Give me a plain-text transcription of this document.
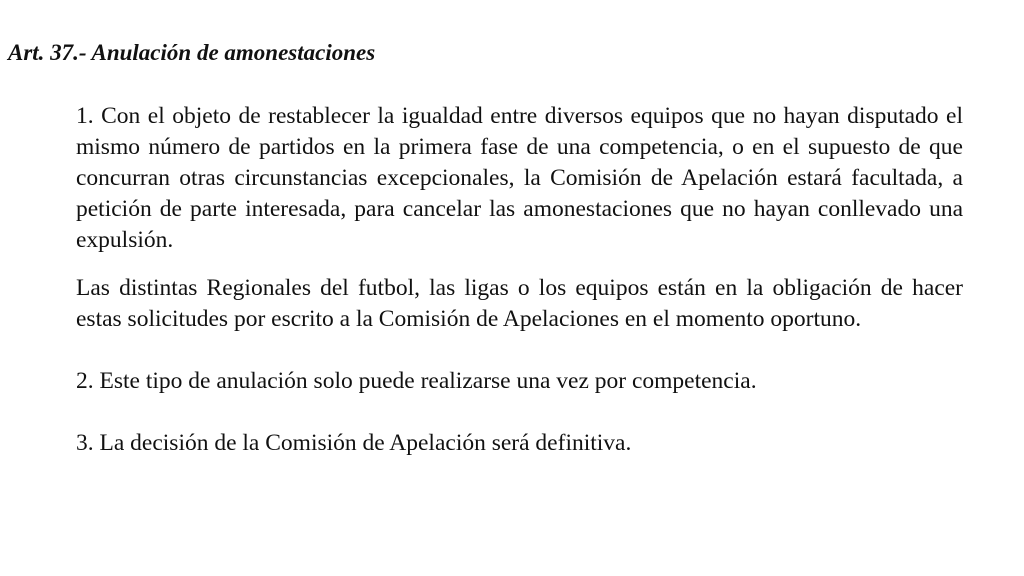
Art. 37.- Anulación de amonestaciones

1. Con el objeto de restablecer la igualdad entre diversos equipos que no hayan disputado el mismo número de partidos en la primera fase de una competencia, o en el supuesto de que concurran otras circunstancias excepcionales, la Comisión de Apelación estará facultada, a petición de parte interesada, para cancelar las amonestaciones que no hayan conllevado una expulsión.

Las distintas Regionales del futbol, las ligas o los equipos están en la obligación de hacer estas solicitudes por escrito a la Comisión de Apelaciones en el momento oportuno.

2. Este tipo de anulación solo puede realizarse una vez por competencia.

3. La decisión de la Comisión de Apelación será definitiva.
